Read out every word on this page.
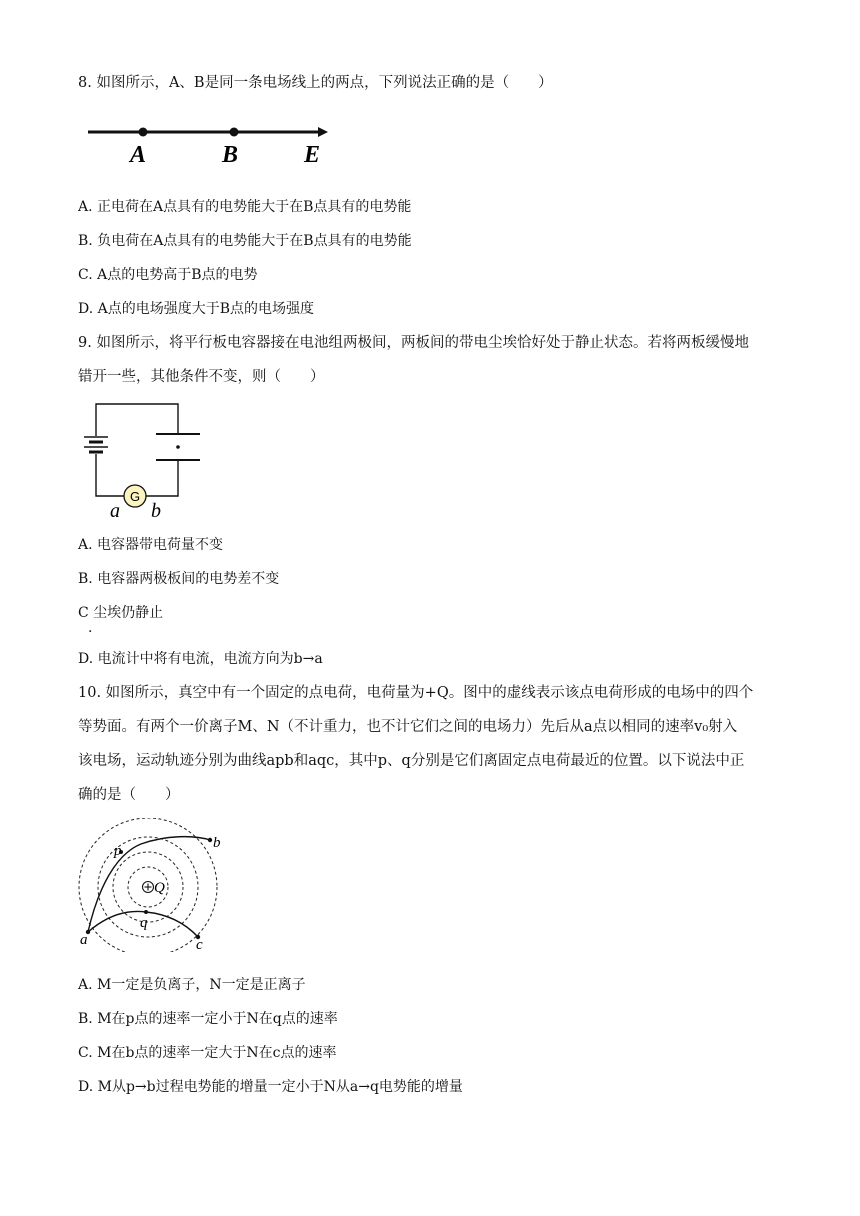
8. 如图所示，A、B是同一条电场线上的两点，下列说法正确的是（　　）
A	B	E
A. 正电荷在A点具有的电势能大于在B点具有的电势能
B. 负电荷在A点具有的电势能大于在B点具有的电势能
C. A点的电势高于B点的电势
D. A点的电场强度大于B点的电场强度
9. 如图所示，将平行板电容器接在电池组两极间，两板间的带电尘埃恰好处于静止状态。若将两板缓慢地
错开一些，其他条件不变，则（　　）
G
a b
A. 电容器带电荷量不变
B. 电容器两极板间的电势差不变
C 尘埃仍静止
.
D. 电流计中将有电流，电流方向为b→a
10. 如图所示，真空中有一个固定的点电荷，电荷量为+Q。图中的虚线表示该点电荷形成的电场中的四个
等势面。有两个一价离子M、N（不计重力，也不计它们之间的电场力）先后从a点以相同的速率v₀射入
该电场，运动轨迹分别为曲线apb和aqc，其中p、q分别是它们离固定点电荷最近的位置。以下说法中正
确的是（　　）
Q
b
p
q
a	c
A. M一定是负离子，N一定是正离子
B. M在p点的速率一定小于N在q点的速率
C. M在b点的速率一定大于N在c点的速率
D. M从p→b过程电势能的增量一定小于N从a→q电势能的增量
